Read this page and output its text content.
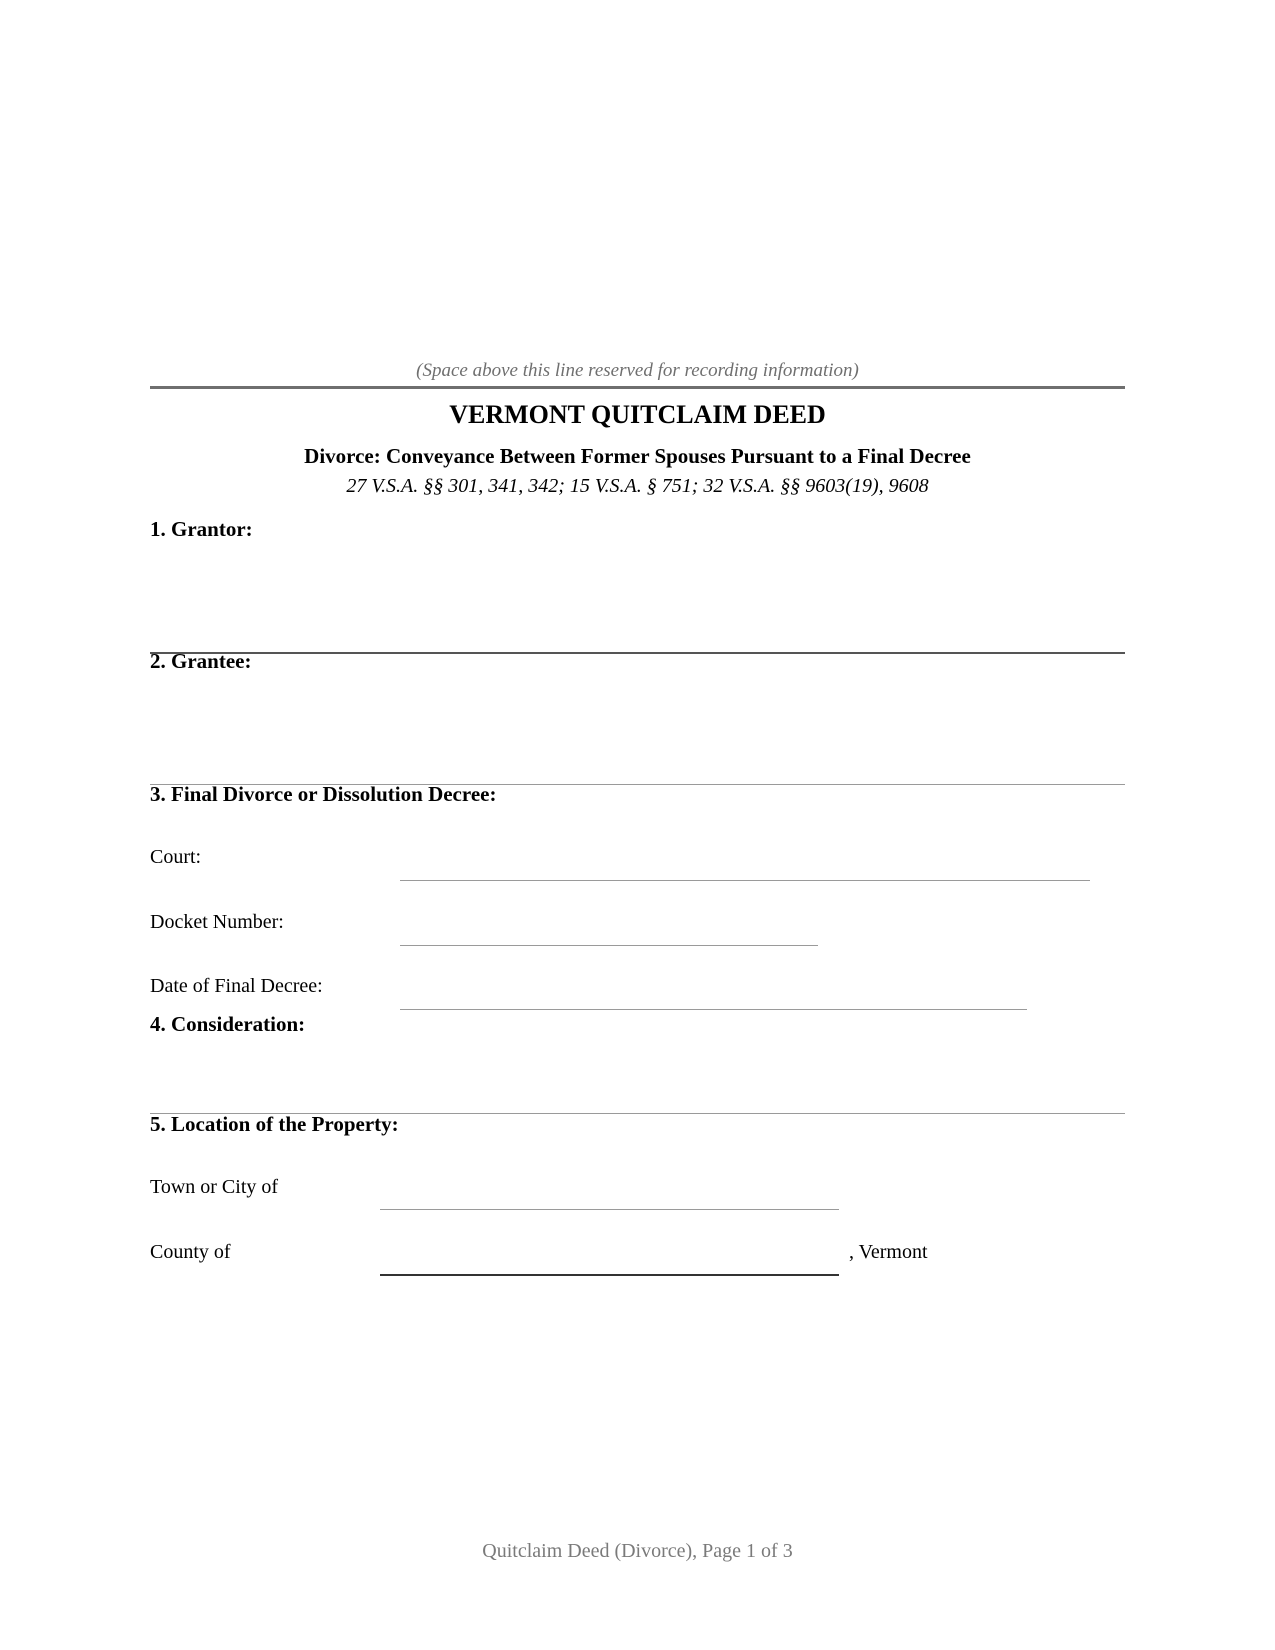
(Space above this line reserved for recording information)
VERMONT QUITCLAIM DEED
Divorce: Conveyance Between Former Spouses Pursuant to a Final Decree
27 V.S.A. §§ 301, 341, 342; 15 V.S.A. § 751; 32 V.S.A. §§ 9603(19), 9608
1. Grantor:
2. Grantee:
3. Final Divorce or Dissolution Decree:
Court:
Docket Number:
Date of Final Decree:
4. Consideration:
5. Location of the Property:
Town or City of
County of	, Vermont
Quitclaim Deed (Divorce), Page 1 of 3
